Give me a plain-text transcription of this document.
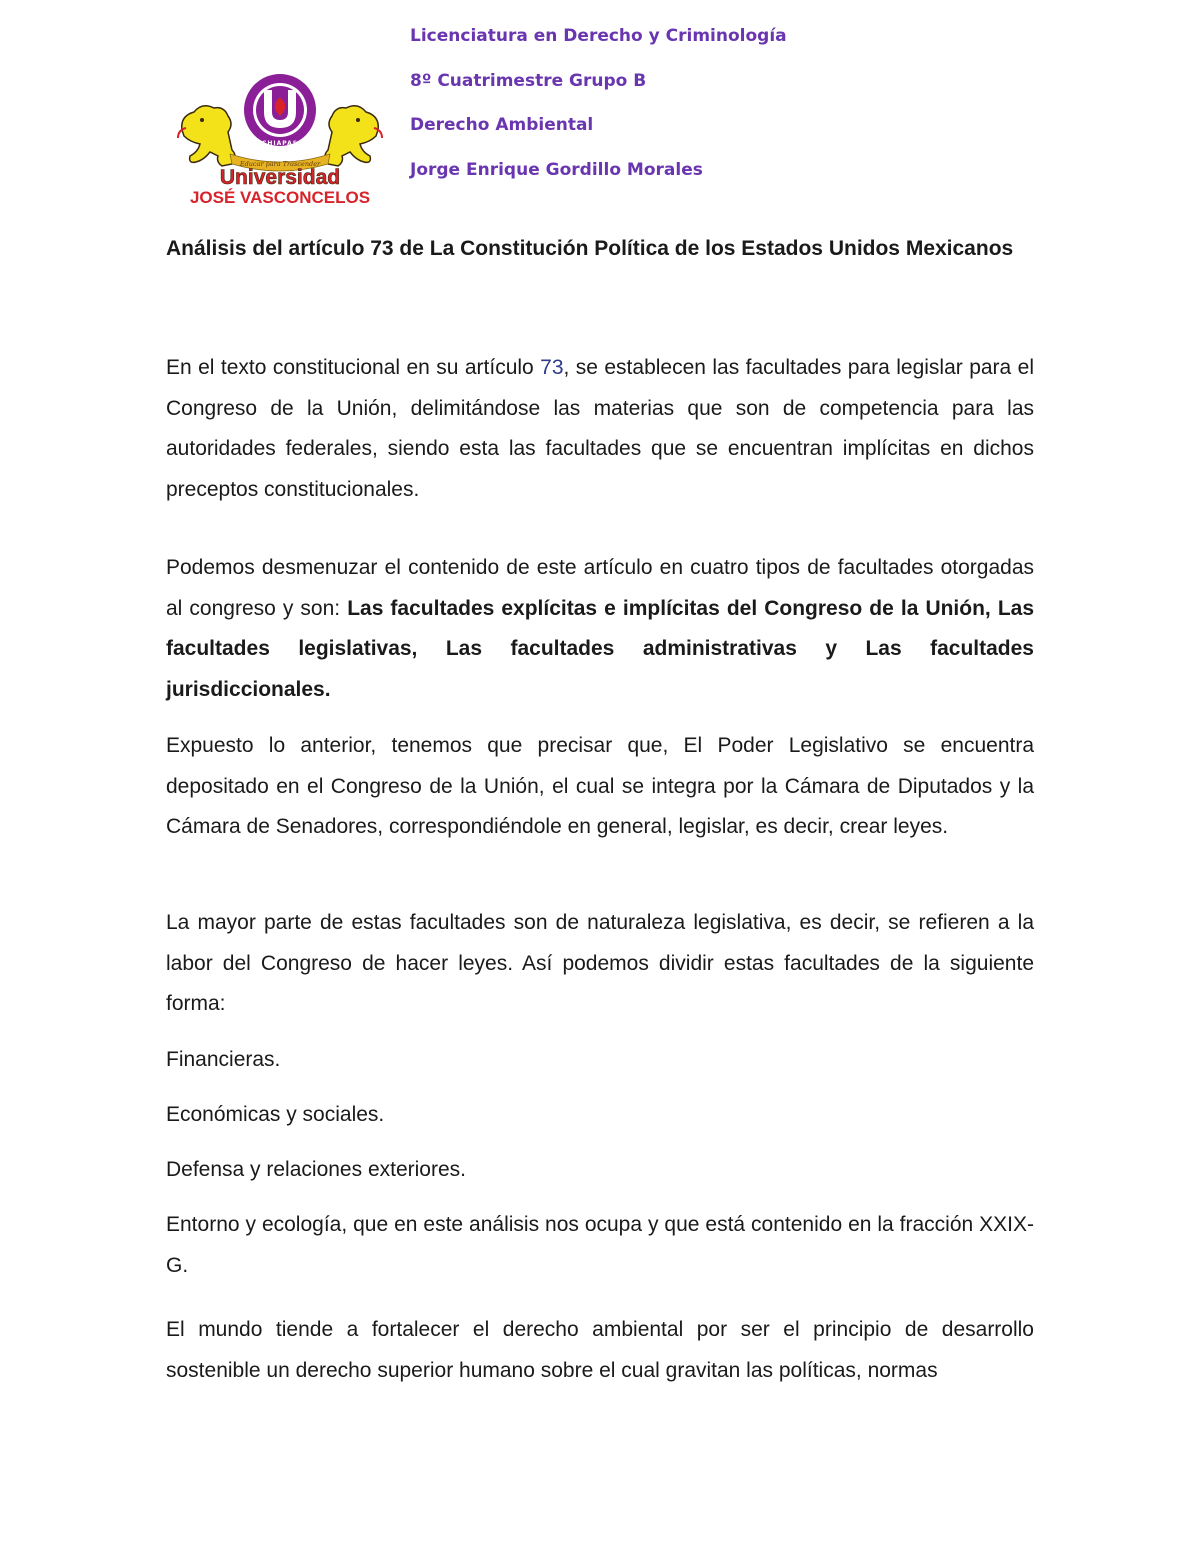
Licenciatura en Derecho y Criminología
8º Cuatrimestre Grupo B
Derecho Ambiental
Jorge Enrique Gordillo Morales
Educar para Trascender
CHIAPAS
Universidad
JOSÉ VASCONCELOS
Análisis del artículo 73 de La Constitución Política de los Estados Unidos Mexicanos

En el texto constitucional en su artículo 73, se establecen las facultades para legislar para el Congreso de la Unión, delimitándose las materias que son de competencia para las autoridades federales, siendo esta las facultades que se encuentran implícitas en dichos preceptos constitucionales.

Podemos desmenuzar el contenido de este artículo en cuatro tipos de facultades otorgadas al congreso y son: Las facultades explícitas e implícitas del Congreso de la Unión, Las facultades legislativas, Las facultades administrativas y Las facultades jurisdiccionales.

Expuesto lo anterior, tenemos que precisar que, El Poder Legislativo se encuentra depositado en el Congreso de la Unión, el cual se integra por la Cámara de Diputados y la Cámara de Senadores, correspondiéndole en general, legislar, es decir, crear leyes.

La mayor parte de estas facultades son de naturaleza legislativa, es decir, se refieren a la labor del Congreso de hacer leyes. Así podemos dividir estas facultades de la siguiente forma:

Financieras.

Económicas y sociales.

Defensa y relaciones exteriores.

Entorno y ecología, que en este análisis nos ocupa y que está contenido en la fracción XXIX-G.

El mundo tiende a fortalecer el derecho ambiental por ser el principio de desarrollo sostenible un derecho superior humano sobre el cual gravitan las políticas, normas
